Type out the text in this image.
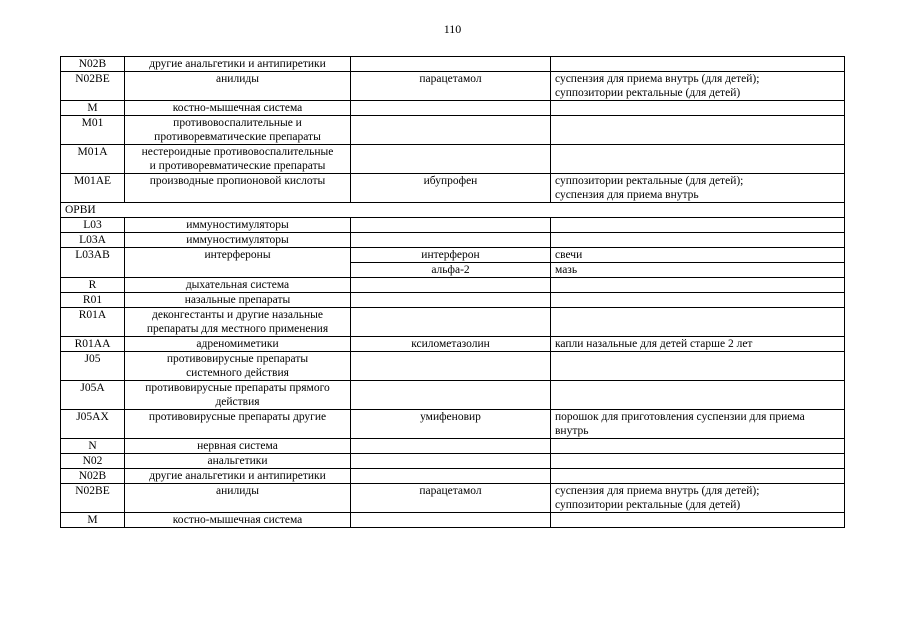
110
N02B	другие анальгетики и антипиретики		
N02BE	анилиды	парацетамол	суспензия для приема внутрь (для детей);
суппозитории ректальные (для детей)
M	костно-мышечная система		
M01	противовоспалительные и
противоревматические препараты		
M01A	нестероидные противовоспалительные
и противоревматические препараты		
M01AE	производные пропионовой кислоты	ибупрофен	суппозитории ректальные (для детей);
суспензия для приема внутрь
ОРВИ			
L03	иммуностимуляторы		
L03A	иммуностимуляторы		
L03AB	интерфероны	интерферон	свечи
		альфа-2	мазь
R	дыхательная система		
R01	назальные препараты		
R01A	деконгестанты и другие назальные
препараты для местного применения		
R01AA	адреномиметики	ксилометазолин	капли назальные для детей старше 2 лет
J05	противовирусные препараты
системного действия		
J05A	противовирусные препараты прямого
действия		
J05AX	противовирусные препараты другие	умифеновир	порошок для приготовления суспензии для приема
внутрь
N	нервная система		
N02	анальгетики		
N02B	другие анальгетики и антипиретики		
N02BE	анилиды	парацетамол	суспензия для приема внутрь (для детей);
суппозитории ректальные (для детей)
M	костно-мышечная система		
